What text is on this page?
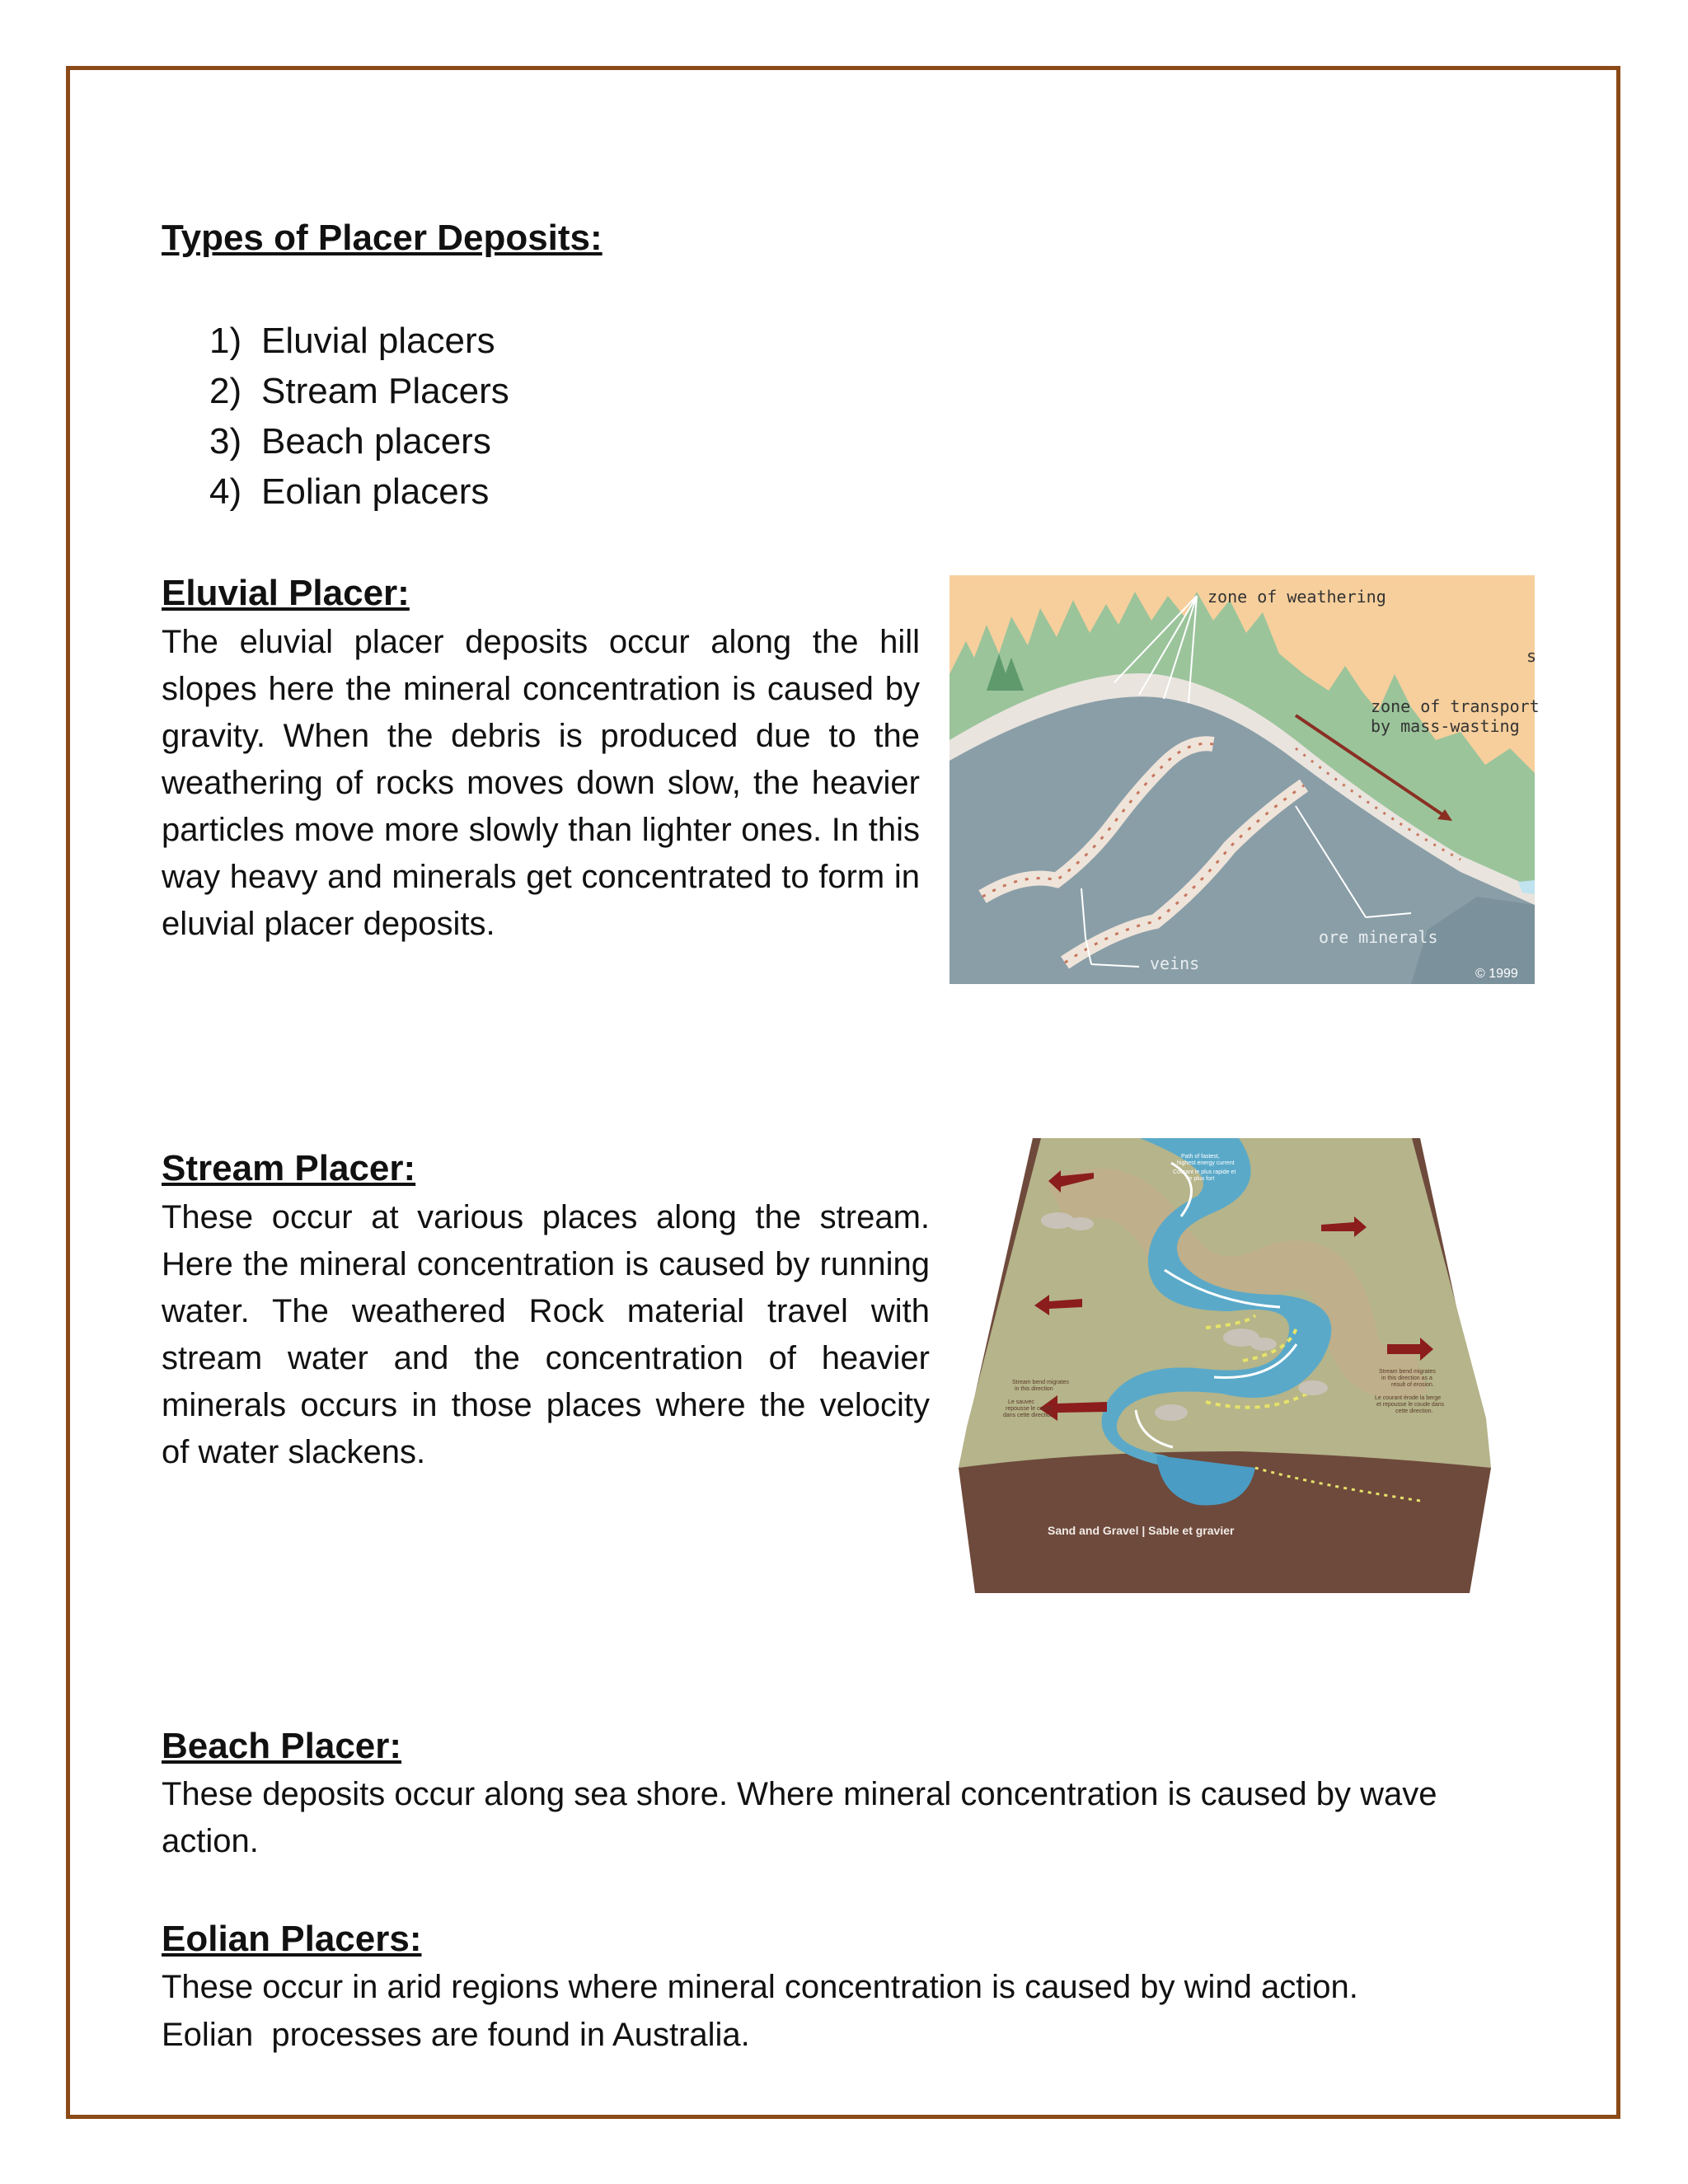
Types of Placer Deposits:
1) Eluvial placers
2) Stream Placers
3) Beach placers
4) Eolian placers
Eluvial Placer:

The eluvial placer deposits occur along the hill slopes here the mineral concentration is caused by gravity. When the debris is produced due to the weathering of rocks moves down slow, the heavier particles move more slowly than lighter ones. In this way heavy and minerals get concentrated to form in eluvial placer deposits.

zone of weathering
s
zone of transport
by mass-wasting
ore minerals
veins
© 1999
Stream Placer:

These occur at various places along the stream. Here the mineral concentration is caused by running water. The weathered Rock material travel with stream water and the concentration of heavier minerals occurs in those places where the velocity of water slackens.

Path of fastest,
highest energy current
Courant le plus rapide et
le plus fort
Stream bend migrates
in this direction
Le sauvec
repousse le coude
dans cette direction
Stream bend migrates
in this direction as a
result of erosion.
Le courant érode la berge
et repousse le coude dans
cette direction.
Sand and Gravel | Sable et gravier
Beach Placer:

These deposits occur along sea shore. Where mineral concentration is caused by wave action.

Eolian Placers:

These occur in arid regions where mineral concentration is caused by wind action.

Eolian  processes are found in Australia.
